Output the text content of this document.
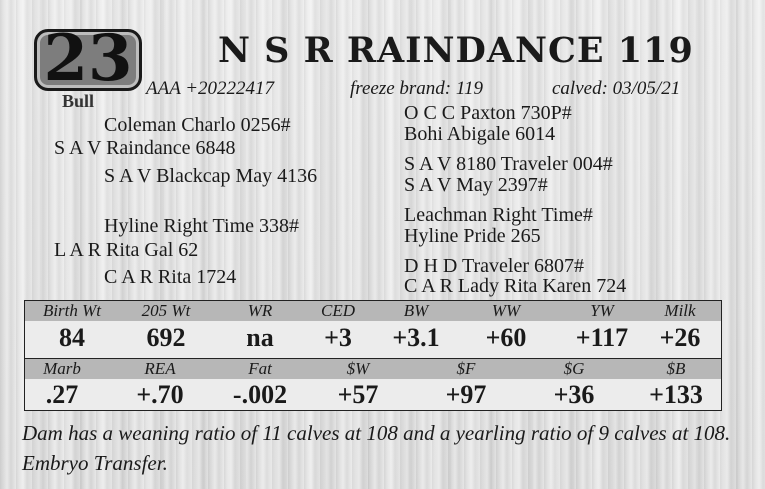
23
Bull
N S R RAINDANCE 119
AAA +20222417	freeze brand: 119	calved: 03/05/21
Coleman Charlo 0256#
S A V Raindance 6848
S A V Blackcap May 4136
Hyline Right Time 338#
L A R Rita Gal 62
C A R Rita 1724
O C C Paxton 730P#
Bohi Abigale 6014
S A V 8180 Traveler 004#
S A V May 2397#
Leachman Right Time#
Hyline Pride 265
D H D Traveler 6807#
C A R Lady Rita Karen 724
Birth Wt	205 Wt	WR	CED	BW	WW	YW	Milk
84	692	na	+3	+3.1	+60	+117	+26
Marb	REA	Fat	$W	$F	$G	$B
.27	+.70	-.002	+57	+97	+36	+133
Dam has a weaning ratio of 11 calves at 108 and a yearling ratio of 9 calves at 108. Embryo Transfer.
